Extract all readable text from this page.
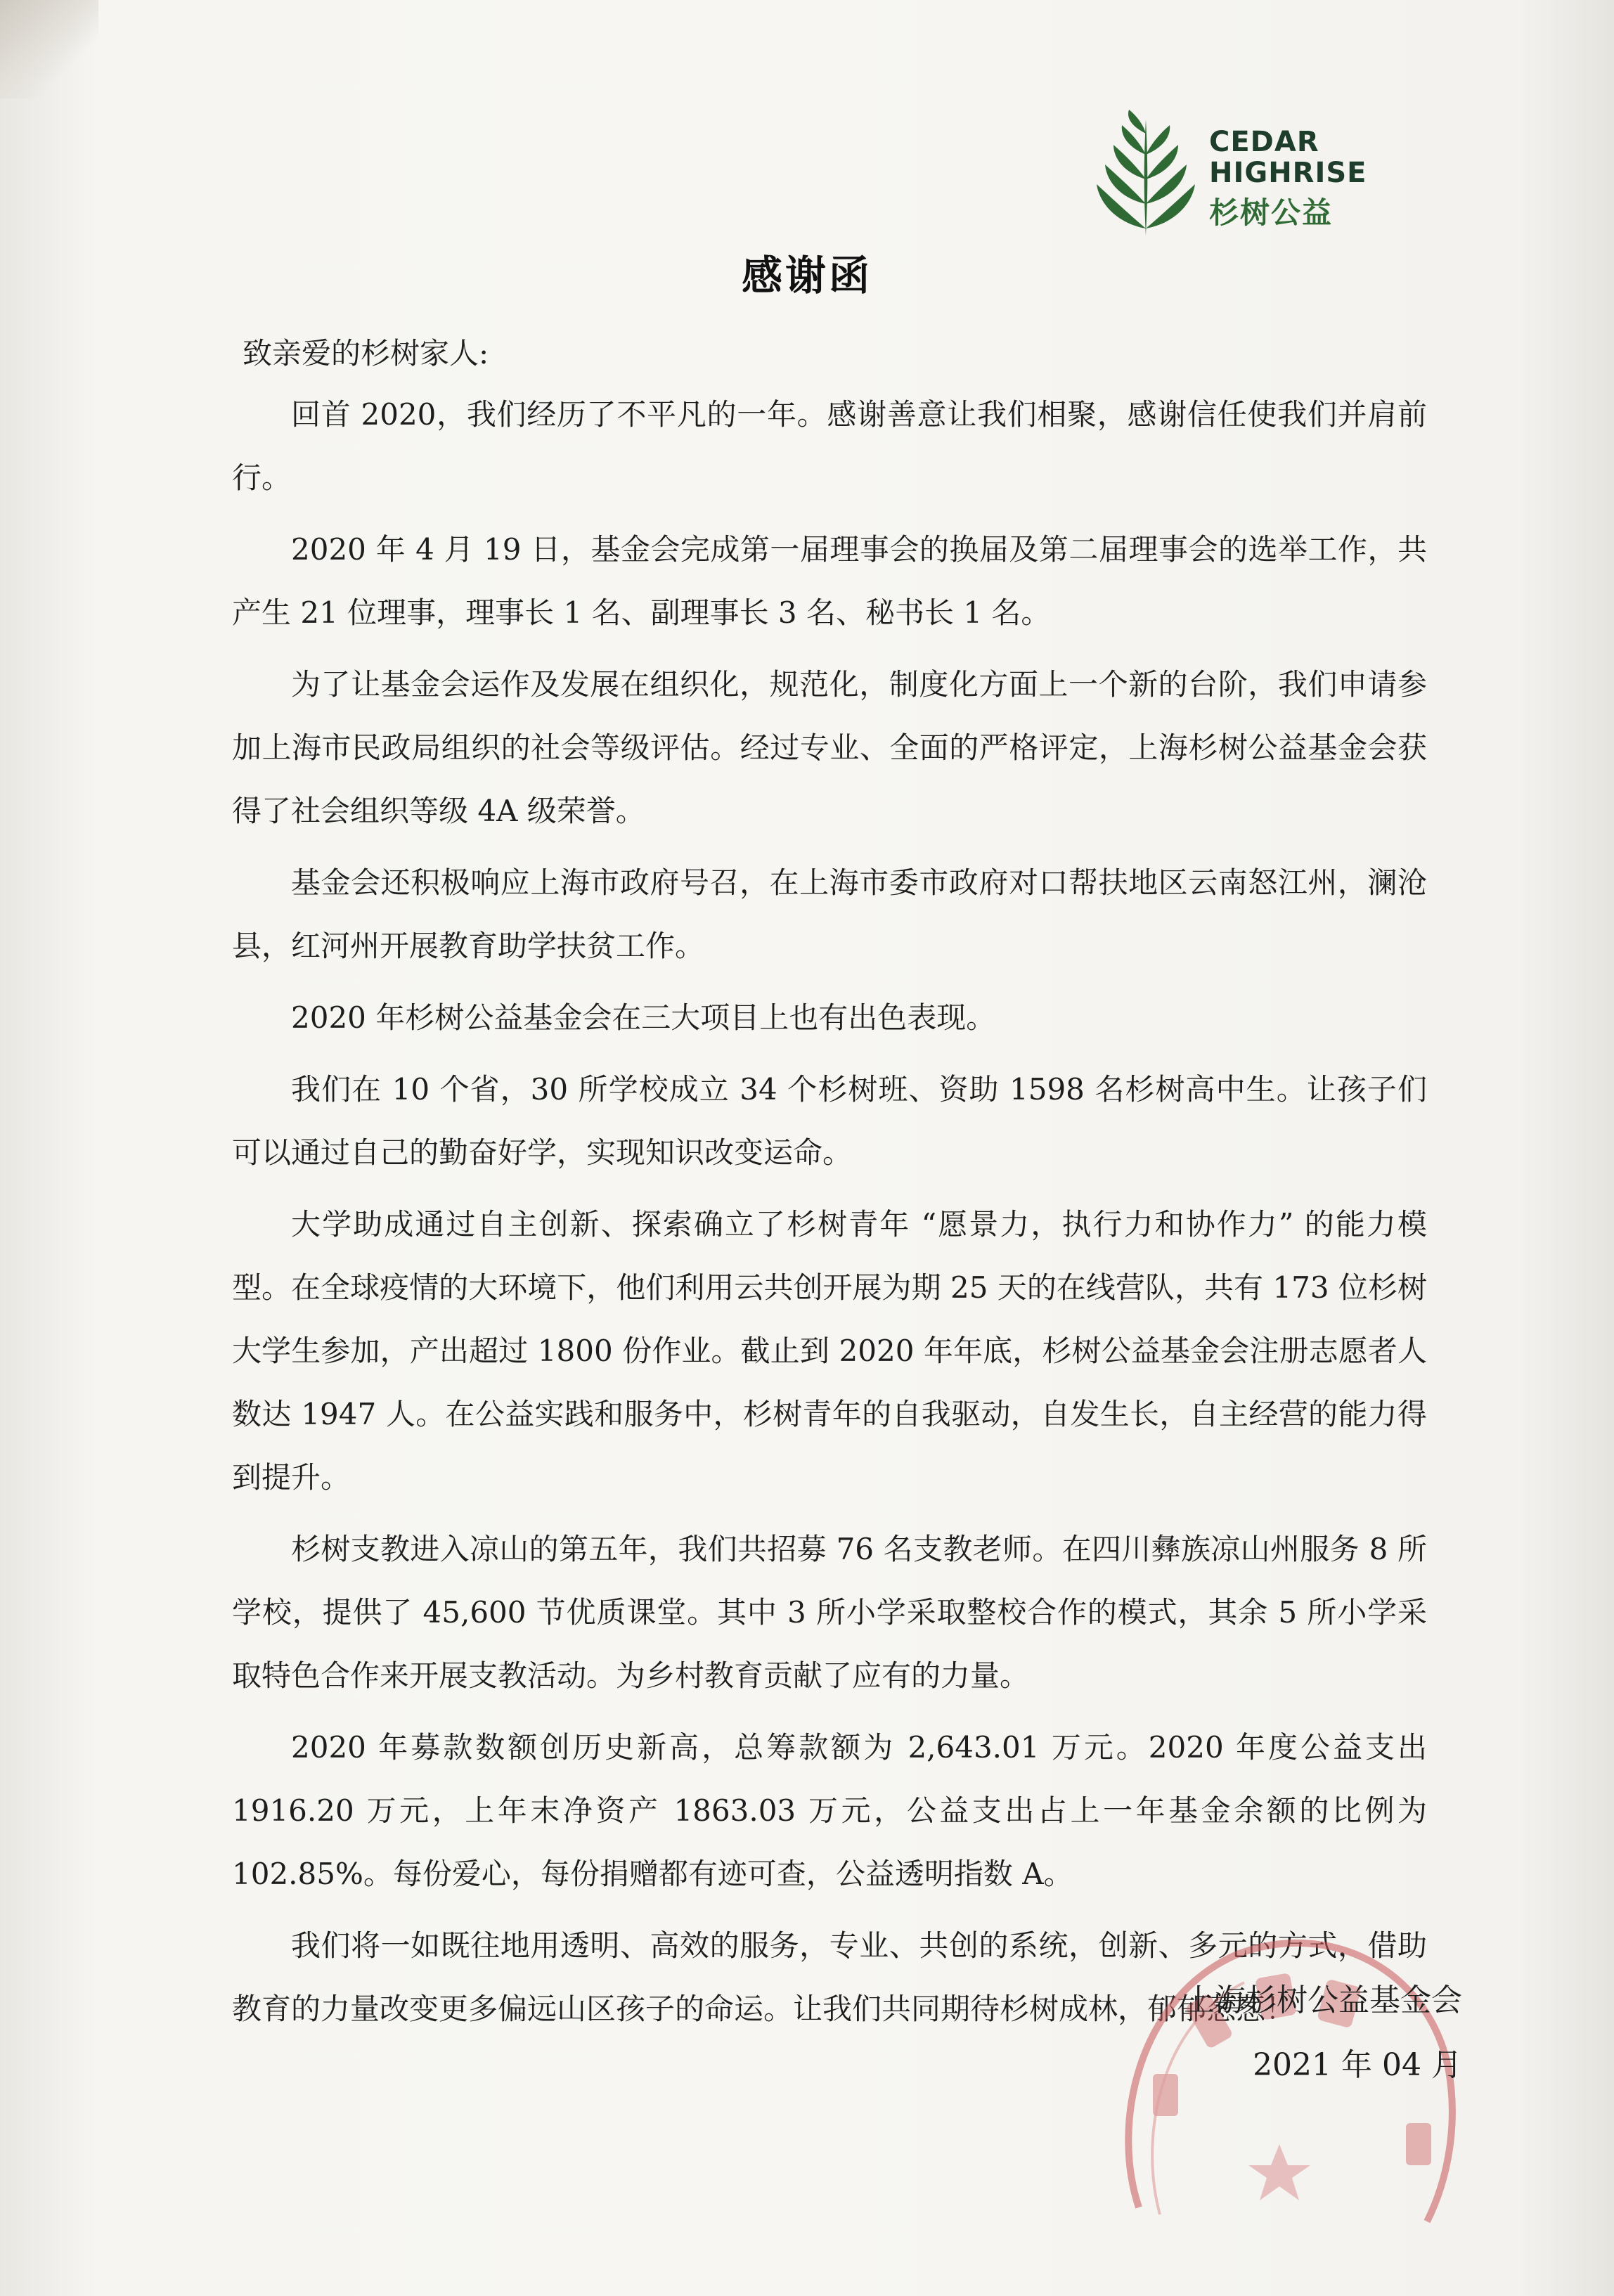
CEDAR
HIGHRISE
杉树公益
感谢函
致亲爱的杉树家人:

回首 2020，我们经历了不平凡的一年。感谢善意让我们相聚，感谢信任使我们并肩前行。

2020 年 4 月 19 日，基金会完成第一届理事会的换届及第二届理事会的选举工作，共产生 21 位理事，理事长 1 名、副理事长 3 名、秘书长 1 名。

为了让基金会运作及发展在组织化，规范化，制度化方面上一个新的台阶，我们申请参加上海市民政局组织的社会等级评估。经过专业、全面的严格评定，上海杉树公益基金会获得了社会组织等级 4A 级荣誉。

基金会还积极响应上海市政府号召，在上海市委市政府对口帮扶地区云南怒江州，澜沧县，红河州开展教育助学扶贫工作。

2020 年杉树公益基金会在三大项目上也有出色表现。

我们在 10 个省，30 所学校成立 34 个杉树班、资助 1598 名杉树高中生。让孩子们可以通过自己的勤奋好学，实现知识改变运命。

大学助成通过自主创新、探索确立了杉树青年 “愿景力，执行力和协作力” 的能力模型。在全球疫情的大环境下，他们利用云共创开展为期 25 天的在线营队，共有 173 位杉树大学生参加，产出超过 1800 份作业。截止到 2020 年年底，杉树公益基金会注册志愿者人数达 1947 人。在公益实践和服务中，杉树青年的自我驱动，自发生长，自主经营的能力得到提升。

杉树支教进入凉山的第五年，我们共招募 76 名支教老师。在四川彝族凉山州服务 8 所学校，提供了 45,600 节优质课堂。其中 3 所小学采取整校合作的模式，其余 5 所小学采取特色合作来开展支教活动。为乡村教育贡献了应有的力量。

2020 年募款数额创历史新高，总筹款额为 2,643.01 万元。2020 年度公益支出 1916.20 万元，上年末净资产 1863.03 万元，公益支出占上一年基金余额的比例为 102.85%。每份爱心，每份捐赠都有迹可查，公益透明指数 A。

我们将一如既往地用透明、高效的服务，专业、共创的系统，创新、多元的方式，借助教育的力量改变更多偏远山区孩子的命运。让我们共同期待杉树成林，郁郁葱葱！

上海杉树公益基金会
2021 年 04 月
